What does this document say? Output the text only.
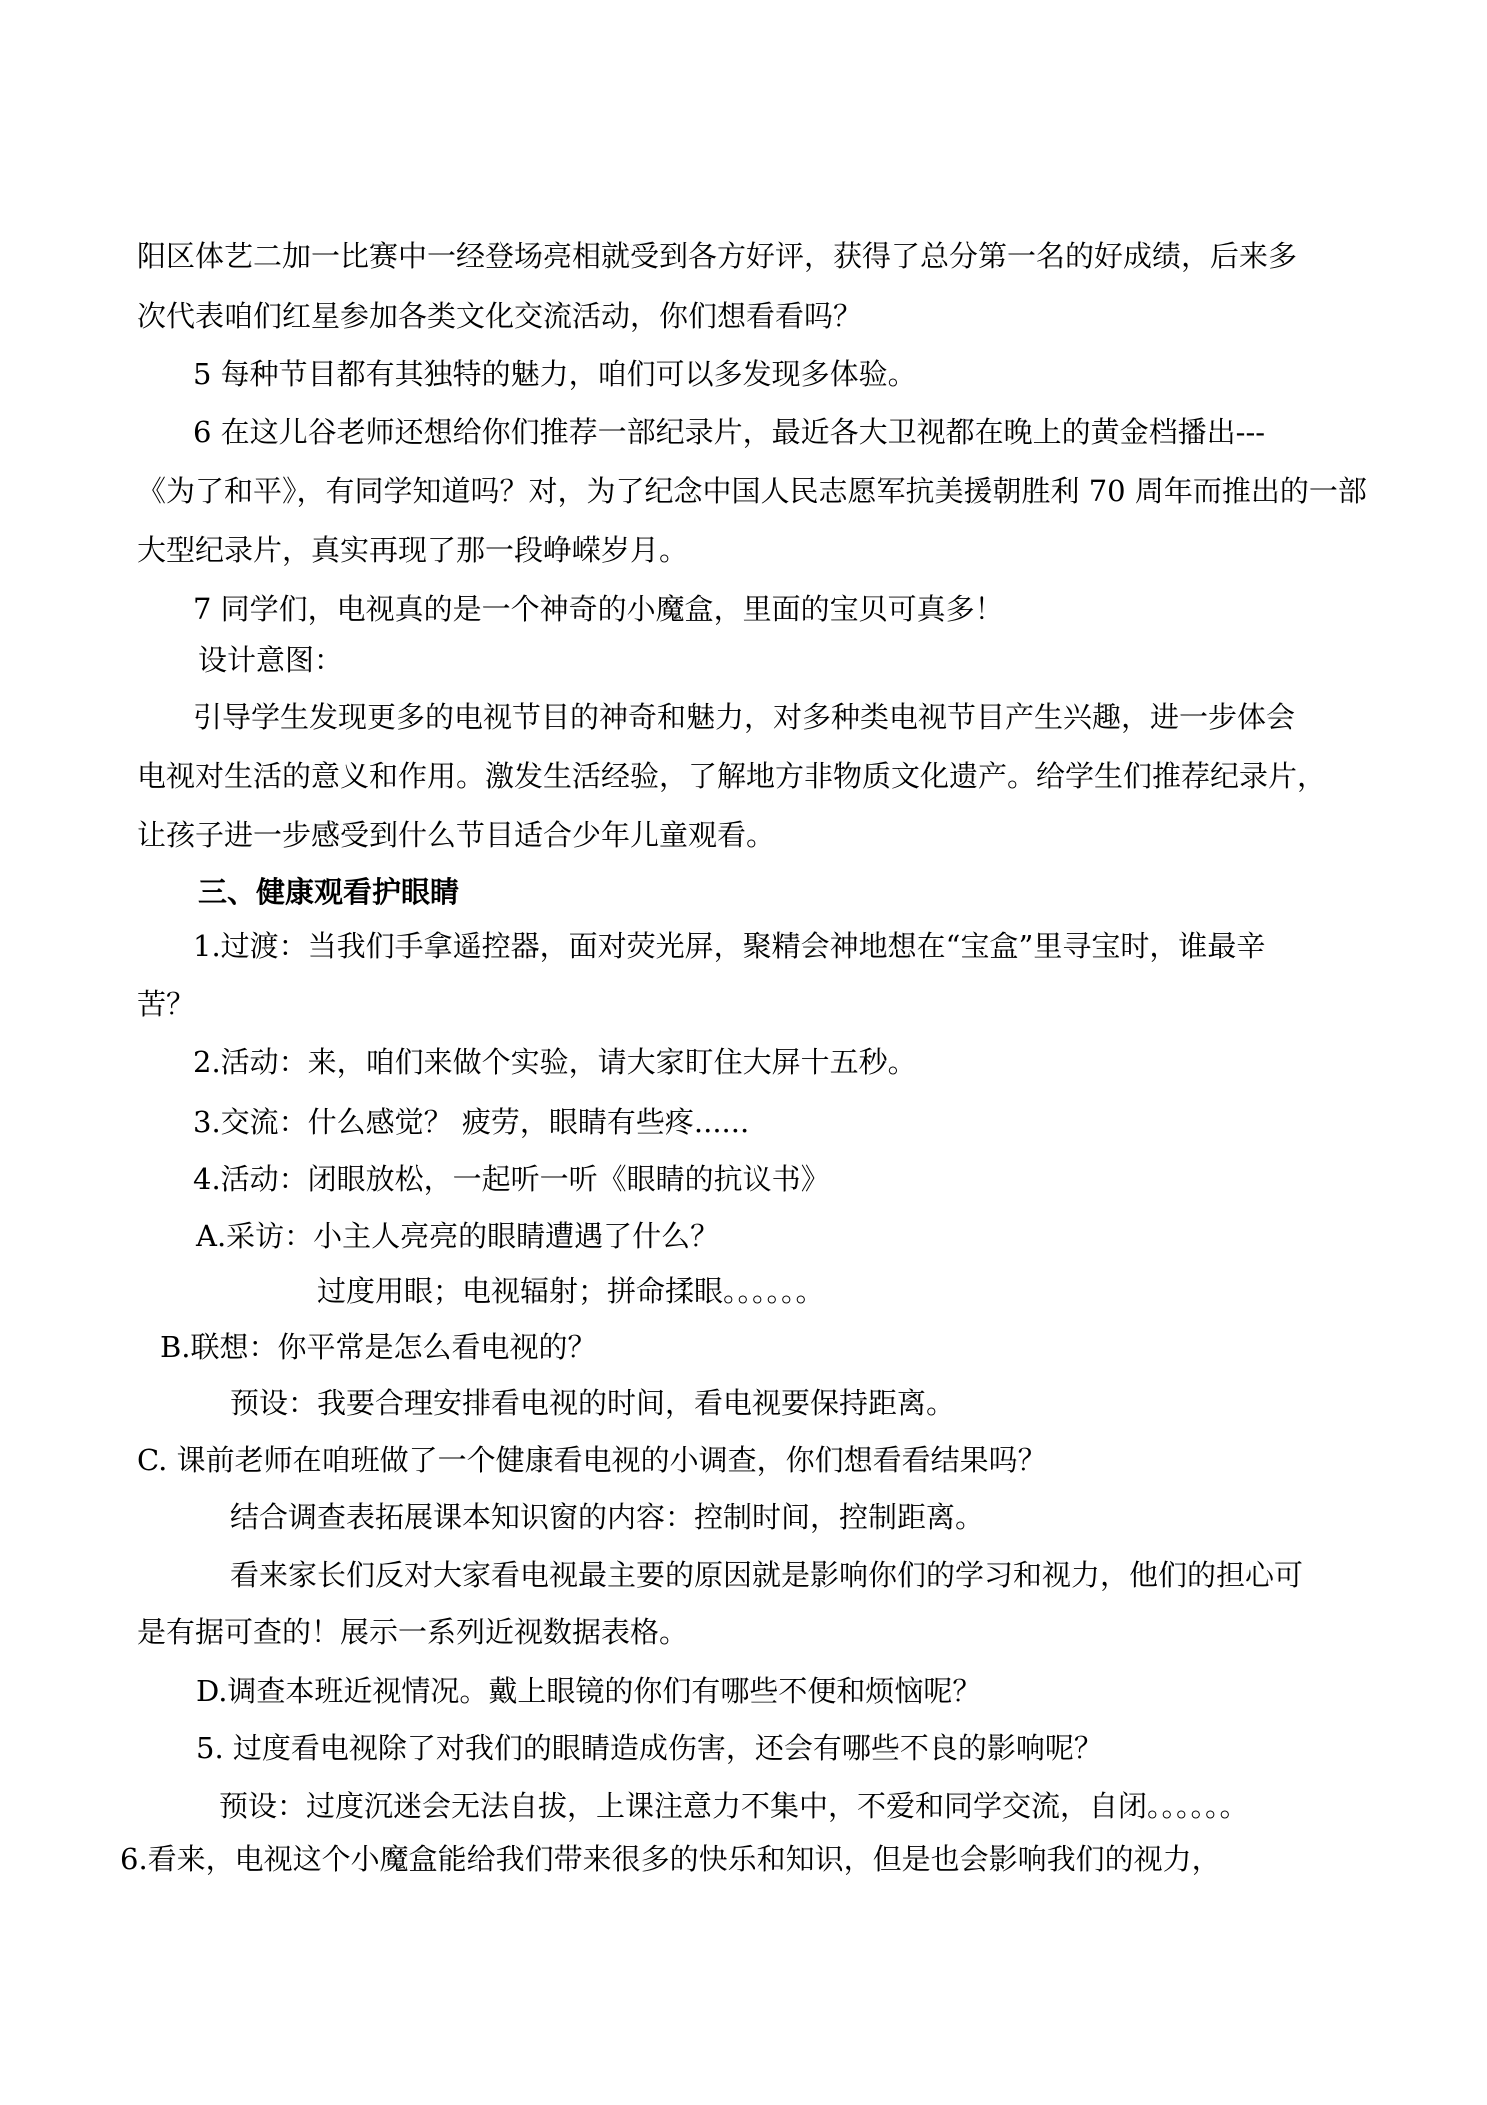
阳区体艺二加一比赛中一经登场亮相就受到各方好评，获得了总分第一名的好成绩，后来多
次代表咱们红星参加各类文化交流活动，你们想看看吗？
5 每种节目都有其独特的魅力，咱们可以多发现多体验。
6 在这儿谷老师还想给你们推荐一部纪录片，最近各大卫视都在晚上的黄金档播出---
《为了和平》，有同学知道吗？对，为了纪念中国人民志愿军抗美援朝胜利 70 周年而推出的一部
大型纪录片，真实再现了那一段峥嵘岁月。
7 同学们，电视真的是一个神奇的小魔盒，里面的宝贝可真多！
设计意图：
引导学生发现更多的电视节目的神奇和魅力，对多种类电视节目产生兴趣，进一步体会
电视对生活的意义和作用。激发生活经验，了解地方非物质文化遗产。给学生们推荐纪录片，
让孩子进一步感受到什么节目适合少年儿童观看。
三、健康观看护眼睛
1.过渡：当我们手拿遥控器，面对荧光屏，聚精会神地想在“宝盒”里寻宝时，谁最辛
苦？
2.活动：来，咱们来做个实验，请大家盯住大屏十五秒。
3.交流：什么感觉？ 疲劳，眼睛有些疼......
4.活动：闭眼放松，一起听一听《眼睛的抗议书》
A.采访：小主人亮亮的眼睛遭遇了什么？
过度用眼；电视辐射；拼命揉眼。。。。。。
B.联想：你平常是怎么看电视的？
预设：我要合理安排看电视的时间，看电视要保持距离。
C. 课前老师在咱班做了一个健康看电视的小调查，你们想看看结果吗？
结合调查表拓展课本知识窗的内容：控制时间，控制距离。
看来家长们反对大家看电视最主要的原因就是影响你们的学习和视力，他们的担心可
是有据可查的！展示一系列近视数据表格。
D.调查本班近视情况。戴上眼镜的你们有哪些不便和烦恼呢？
5. 过度看电视除了对我们的眼睛造成伤害，还会有哪些不良的影响呢？
预设：过度沉迷会无法自拔，上课注意力不集中，不爱和同学交流，自闭。。。。。。
6.看来，电视这个小魔盒能给我们带来很多的快乐和知识，但是也会影响我们的视力，
